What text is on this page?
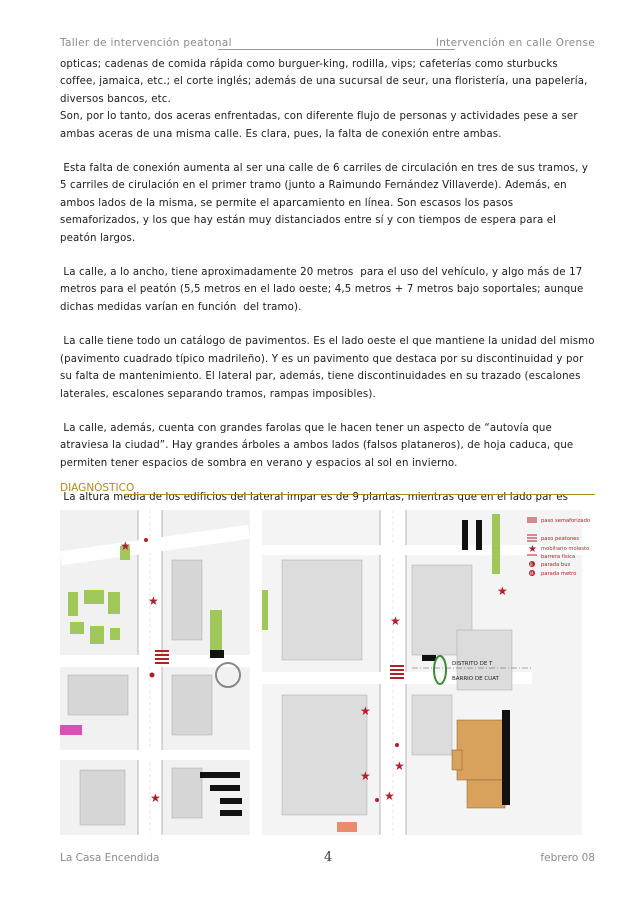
Taller de intervención peatonal	Intervención en calle Orense

opticas; cadenas de comida rápida como burguer-king, rodilla, vips; cafeterías como sturbucks coffee, jamaica, etc.; el corte inglés; además de una sucursal de seur, una floristería, una papelería, diversos bancos, etc.
Son, por lo tanto, dos aceras enfrentadas, con diferente flujo de personas y actividades pese a ser ambas aceras de una misma calle. Es clara, pues, la falta de conexión entre ambas.

Esta falta de conexión aumenta al ser una calle de 6 carriles de circulación en tres de sus tramos, y 5 carriles de cirulación en el primer tramo (junto a Raimundo Fernández Villaverde). Además, en ambos lados de la misma, se permite el aparcamiento en línea. Son escasos los pasos semaforizados, y los que hay están muy distanciados entre sí y con tiempos de espera para el peatón largos.

La calle, a lo ancho, tiene aproximadamente 20 metros  para el uso del vehículo, y algo más de 17 metros para el peatón (5,5 metros en el lado oeste; 4,5 metros + 7 metros bajo soportales; aunque dichas medidas varían en función  del tramo).

La calle tiene todo un catálogo de pavimentos. Es el lado oeste el que mantiene la unidad del mismo (pavimento cuadrado típico madrileño). Y es un pavimento que destaca por su discontinuidad y por su falta de mantenimiento. El lateral par, además, tiene discontinuidades en su trazado (escalones laterales, escalones separando tramos, rampas imposibles).

La calle, además, cuenta con grandes farolas que le hacen tener un aspecto de “autovía que atraviesa la ciudad”. Hay grandes árboles a ambos lados (falsos plataneros), de hoja caduca, que permiten tener espacios de sombra en verano y espacios al sol en invierno.

La altura media de los edificios del lateral impar es de 9 plantas, mientras que en el lado par es

DIAGNÓSTICO
★
★
★
DISTRITO DE T
BARRIO DE CUAT
★
★
★
★
★
★
★
B
M
paso semaforizado
paso peatones
mobiliario molesto
barrera física
parada bus
parada metro
La Casa Encendida	4	febrero 08
